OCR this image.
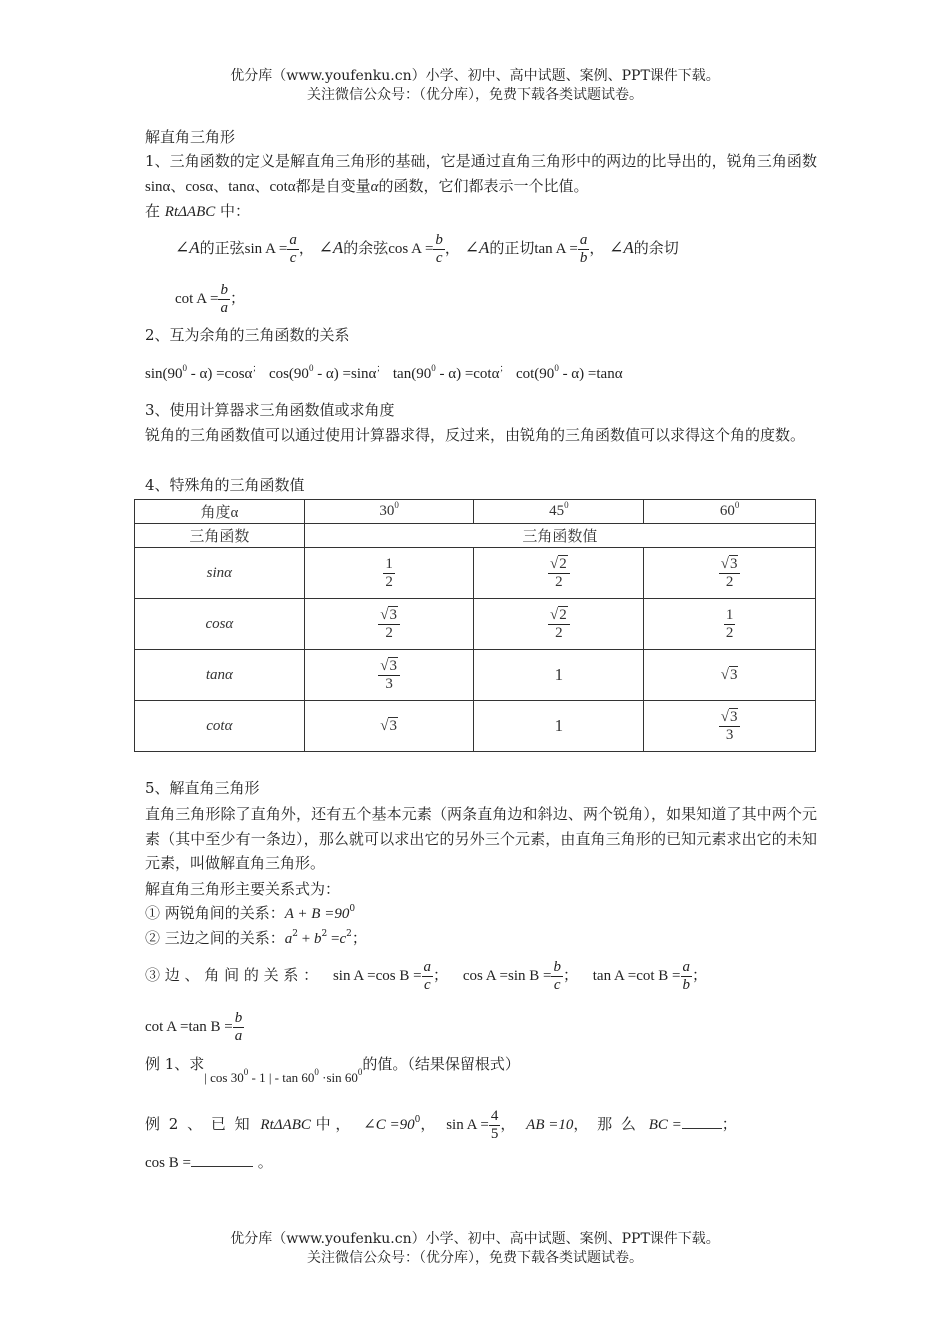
优分库（www.youfenku.cn）小学、初中、高中试题、案例、PPT课件下载。
关注微信公众号：（优分库），免费下载各类试题试卷。
解直角三角形
1、三角函数的定义是解直角三角形的基础，它是通过直角三角形中的两边的比导出的，锐角三角函数sinα、cosα、tanα、cotα都是自变量α的函数，它们都表示一个比值。
在 RtΔABC 中：
∠A的正弦$\sin A = \frac{a}{c}$ ， ∠A的余弦$\cos A = \frac{b}{c}$ ， ∠A的正切$\tan A = \frac{a}{b}$ ， ∠A的余切
$\cot A = \frac{b}{a}$ ；
2、互为余角的三角函数的关系
$\sin(90^0 - \alpha) =\cos\alpha^;$ $\cos(90^0 - \alpha) =\sin\alpha^;$ $\tan(90^0 - \alpha) =\cot\alpha^;$ $\cot(90^0 - \alpha) =\tan\alpha$
3、使用计算器求三角函数值或求角度
锐角的三角函数值可以通过使用计算器求得，反过来，由锐角的三角函数值可以求得这个角的度数。
4、特殊角的三角函数值
角度α	$30^0$	$45^0$	$60^0$
三角函数	三角函数值		
sinα	$\frac{1}{2}$	$\frac{√2}{2}$	$\frac{√3}{2}$

cosα	$\frac{√3}{2}$	$\frac{√2}{2}$	$\frac{1}{2}$

tanα	$\frac{√3}{3}$	1	√3
cotα	√3	1	$\frac{√3}{3}$
5、解直角三角形
直角三角形除了直角外，还有五个基本元素（两条直角边和斜边、两个锐角），如果知道了其中两个元素（其中至少有一条边），那么就可以求出它的另外三个元素，由直角三角形的已知元素求出它的未知元素，叫做解直角三角形。
解直角三角形主要关系式为：
① 两锐角间的关系：$A + B =90^0$
② 三边之间的关系：$a^2 + b^2 =c^2$；
③ 边 、 角 间 的 关 系 ： sin A =cos $B = \frac{a}{c}$ ； cos A =sin $B = \frac{b}{c}$ ； tan A =cot $B = \frac{a}{b}$ ；
cot A =tan $B = \frac{b}{a}$
例 1、求| $\cos 30^0 - 1$ | - $\tan 60^0 \cdot\sin$ $60^0$的值。（结果保留根式）
例 2 、 已 知 RtΔABC 中 ， ∠C $=90^0$， $\sin A = \frac{4}{5}$ ， AB =10， 那 么 BC =	；
cos B =	。
优分库（www.youfenku.cn）小学、初中、高中试题、案例、PPT课件下载。
关注微信公众号：（优分库），免费下载各类试题试卷。
